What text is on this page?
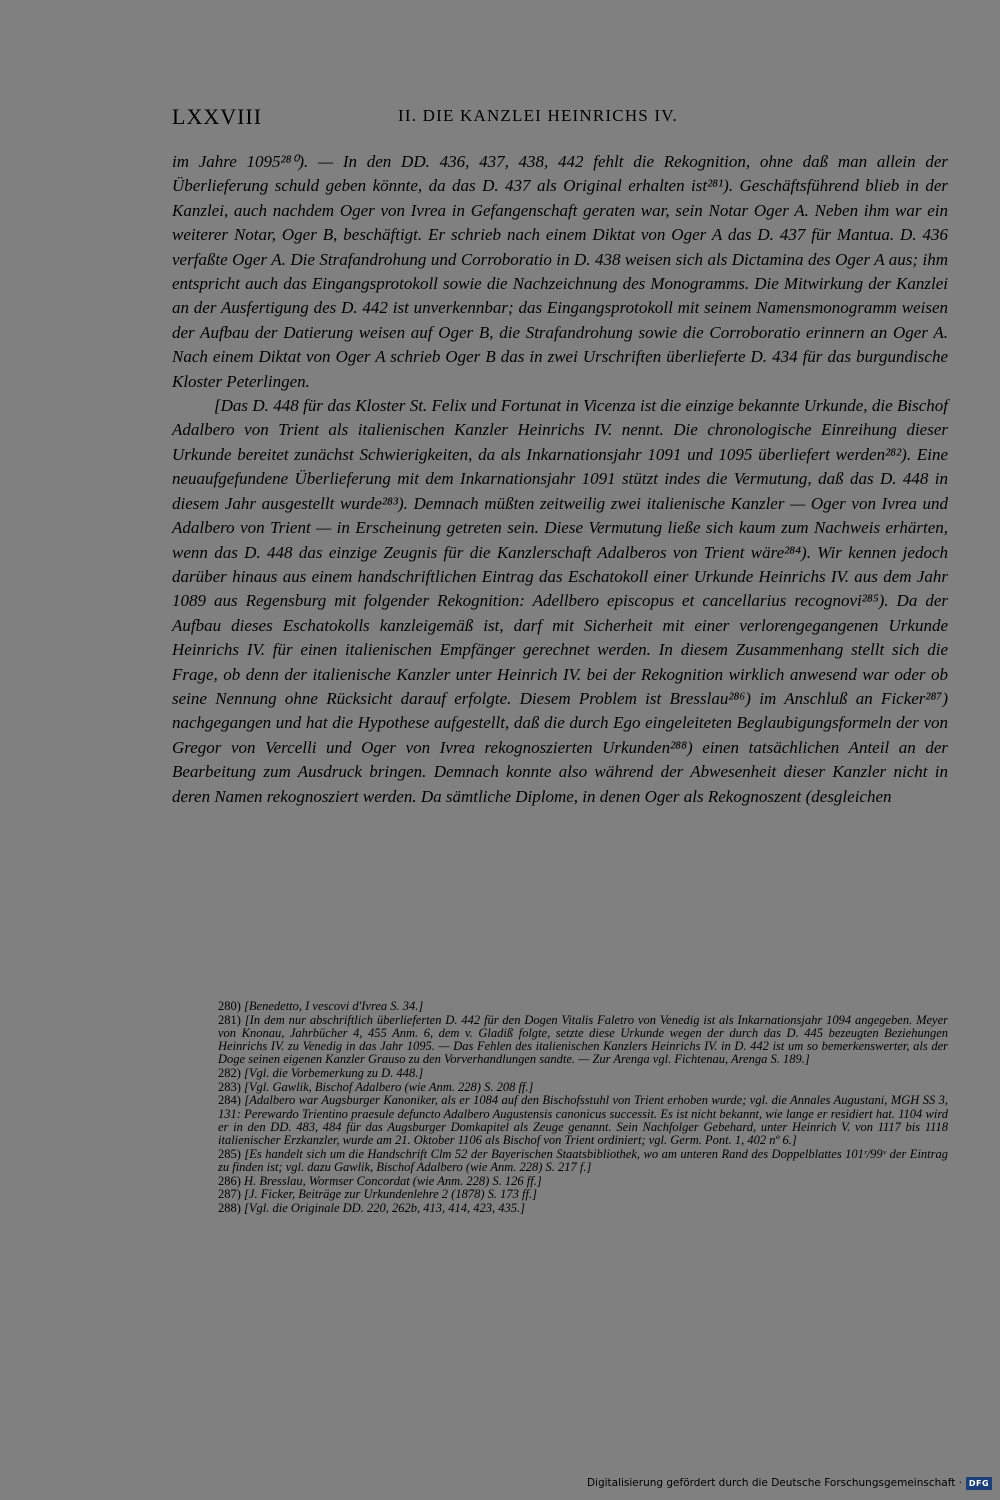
LXXVIII	II. DIE KANZLEI HEINRICHS IV.

im Jahre 1095²⁸⁰). — In den DD. 436, 437, 438, 442 fehlt die Rekognition, ohne daß man allein der Überlieferung schuld geben könnte, da das D. 437 als Original erhalten ist²⁸¹). Geschäftsführend blieb in der Kanzlei, auch nachdem Oger von Ivrea in Gefangenschaft geraten war, sein Notar Oger A. Neben ihm war ein weiterer Notar, Oger B, beschäftigt. Er schrieb nach einem Diktat von Oger A das D. 437 für Mantua. D. 436 verfaßte Oger A. Die Strafandrohung und Corroboratio in D. 438 weisen sich als Dictamina des Oger A aus; ihm entspricht auch das Eingangsprotokoll sowie die Nachzeichnung des Monogramms. Die Mitwirkung der Kanzlei an der Ausfertigung des D. 442 ist unverkennbar; das Eingangsprotokoll mit seinem Namensmonogramm weisen der Aufbau der Datierung weisen auf Oger B, die Strafandrohung sowie die Corroboratio erinnern an Oger A. Nach einem Diktat von Oger A schrieb Oger B das in zwei Urschriften überlieferte D. 434 für das burgundische Kloster Peterlingen.

[Das D. 448 für das Kloster St. Felix und Fortunat in Vicenza ist die einzige bekannte Urkunde, die Bischof Adalbero von Trient als italienischen Kanzler Heinrichs IV. nennt. Die chronologische Einreihung dieser Urkunde bereitet zunächst Schwierigkeiten, da als Inkarnationsjahr 1091 und 1095 überliefert werden²⁸²). Eine neuaufgefundene Überlieferung mit dem Inkarnationsjahr 1091 stützt indes die Vermutung, daß das D. 448 in diesem Jahr ausgestellt wurde²⁸³). Demnach müßten zeitweilig zwei italienische Kanzler — Oger von Ivrea und Adalbero von Trient — in Erscheinung getreten sein. Diese Vermutung ließe sich kaum zum Nachweis erhärten, wenn das D. 448 das einzige Zeugnis für die Kanzlerschaft Adalberos von Trient wäre²⁸⁴). Wir kennen jedoch darüber hinaus aus einem handschriftlichen Eintrag das Eschatokoll einer Urkunde Heinrichs IV. aus dem Jahr 1089 aus Regensburg mit folgender Rekognition: Adellbero episcopus et cancellarius recognovi²⁸⁵). Da der Aufbau dieses Eschatokolls kanzleigemäß ist, darf mit Sicherheit mit einer verlorengegangenen Urkunde Heinrichs IV. für einen italienischen Empfänger gerechnet werden. In diesem Zusammenhang stellt sich die Frage, ob denn der italienische Kanzler unter Heinrich IV. bei der Rekognition wirklich anwesend war oder ob seine Nennung ohne Rücksicht darauf erfolgte. Diesem Problem ist Bresslau²⁸⁶) im Anschluß an Ficker²⁸⁷) nachgegangen und hat die Hypothese aufgestellt, daß die durch Ego eingeleiteten Beglaubigungsformeln der von Gregor von Vercelli und Oger von Ivrea rekognoszierten Urkunden²⁸⁸) einen tatsächlichen Anteil an der Bearbeitung zum Ausdruck bringen. Demnach konnte also während der Abwesenheit dieser Kanzler nicht in deren Namen rekognosziert werden. Da sämtliche Diplome, in denen Oger als Rekognoszent (desgleichen

280) [Benedetto, I vescovi d'Ivrea S. 34.]

281) [In dem nur abschriftlich überlieferten D. 442 für den Dogen Vitalis Faletro von Venedig ist als Inkarnationsjahr 1094 angegeben. Meyer von Knonau, Jahrbücher 4, 455 Anm. 6, dem v. Gladiß folgte, setzte diese Urkunde wegen der durch das D. 445 bezeugten Beziehungen Heinrichs IV. zu Venedig in das Jahr 1095. — Das Fehlen des italienischen Kanzlers Heinrichs IV. in D. 442 ist um so bemerkenswerter, als der Doge seinen eigenen Kanzler Grauso zu den Vorverhandlungen sandte. — Zur Arenga vgl. Fichtenau, Arenga S. 189.]

282) [Vgl. die Vorbemerkung zu D. 448.]

283) [Vgl. Gawlik, Bischof Adalbero (wie Anm. 228) S. 208 ff.]

284) [Adalbero war Augsburger Kanoniker, als er 1084 auf den Bischofsstuhl von Trient erhoben wurde; vgl. die Annales Augustani, MGH SS 3, 131: Perewardo Trientino praesule defuncto Adalbero Augustensis canonicus successit. Es ist nicht bekannt, wie lange er residiert hat. 1104 wird er in den DD. 483, 484 für das Augsburger Domkapitel als Zeuge genannt. Sein Nachfolger Gebehard, unter Heinrich V. von 1117 bis 1118 italienischer Erzkanzler, wurde am 21. Oktober 1106 als Bischof von Trient ordiniert; vgl. Germ. Pont. 1, 402 nº 6.]

285) [Es handelt sich um die Handschrift Clm 52 der Bayerischen Staatsbibliothek, wo am unteren Rand des Doppelblattes 101ʳ/99ᵛ der Eintrag zu finden ist; vgl. dazu Gawlik, Bischof Adalbero (wie Anm. 228) S. 217 f.]

286) H. Bresslau, Wormser Concordat (wie Anm. 228) S. 126 ff.]

287) [J. Ficker, Beiträge zur Urkundenlehre 2 (1878) S. 173 ff.]

288) [Vgl. die Originale DD. 220, 262b, 413, 414, 423, 435.]

Digitalisierung gefördert durch die Deutsche Forschungsgemeinschaft · DFG
